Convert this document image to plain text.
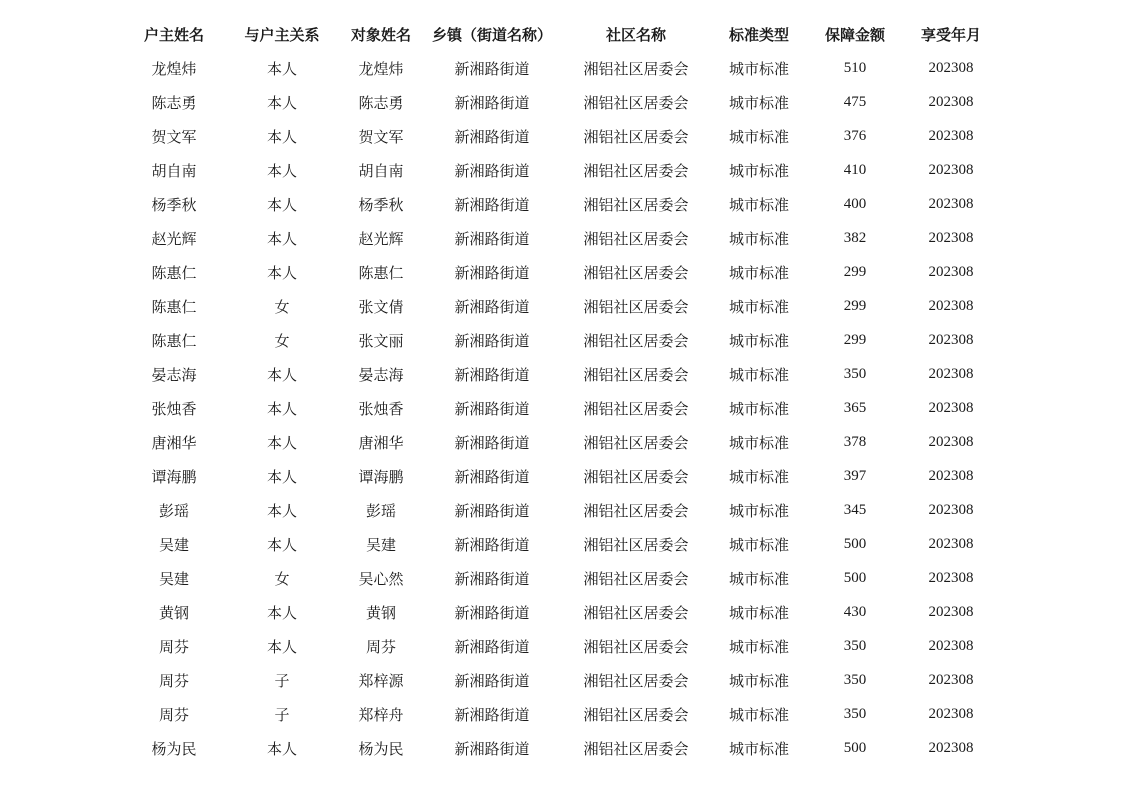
户主姓名	与户主关系	对象姓名	乡镇（街道名称）	社区名称	标准类型	保障金额	享受年月
龙煌炜	本人	龙煌炜	新湘路街道	湘铝社区居委会	城市标准	510	202308
陈志勇	本人	陈志勇	新湘路街道	湘铝社区居委会	城市标准	475	202308
贺文军	本人	贺文军	新湘路街道	湘铝社区居委会	城市标准	376	202308
胡自南	本人	胡自南	新湘路街道	湘铝社区居委会	城市标准	410	202308
杨季秋	本人	杨季秋	新湘路街道	湘铝社区居委会	城市标准	400	202308
赵光辉	本人	赵光辉	新湘路街道	湘铝社区居委会	城市标准	382	202308
陈惠仁	本人	陈惠仁	新湘路街道	湘铝社区居委会	城市标准	299	202308
陈惠仁	女	张文倩	新湘路街道	湘铝社区居委会	城市标准	299	202308
陈惠仁	女	张文丽	新湘路街道	湘铝社区居委会	城市标准	299	202308
晏志海	本人	晏志海	新湘路街道	湘铝社区居委会	城市标准	350	202308
张烛香	本人	张烛香	新湘路街道	湘铝社区居委会	城市标准	365	202308
唐湘华	本人	唐湘华	新湘路街道	湘铝社区居委会	城市标准	378	202308
谭海鹏	本人	谭海鹏	新湘路街道	湘铝社区居委会	城市标准	397	202308
彭瑶	本人	彭瑶	新湘路街道	湘铝社区居委会	城市标准	345	202308
吴建	本人	吴建	新湘路街道	湘铝社区居委会	城市标准	500	202308
吴建	女	吴心然	新湘路街道	湘铝社区居委会	城市标准	500	202308
黄钢	本人	黄钢	新湘路街道	湘铝社区居委会	城市标准	430	202308
周芬	本人	周芬	新湘路街道	湘铝社区居委会	城市标准	350	202308
周芬	子	郑梓源	新湘路街道	湘铝社区居委会	城市标准	350	202308
周芬	子	郑梓舟	新湘路街道	湘铝社区居委会	城市标准	350	202308
杨为民	本人	杨为民	新湘路街道	湘铝社区居委会	城市标准	500	202308
